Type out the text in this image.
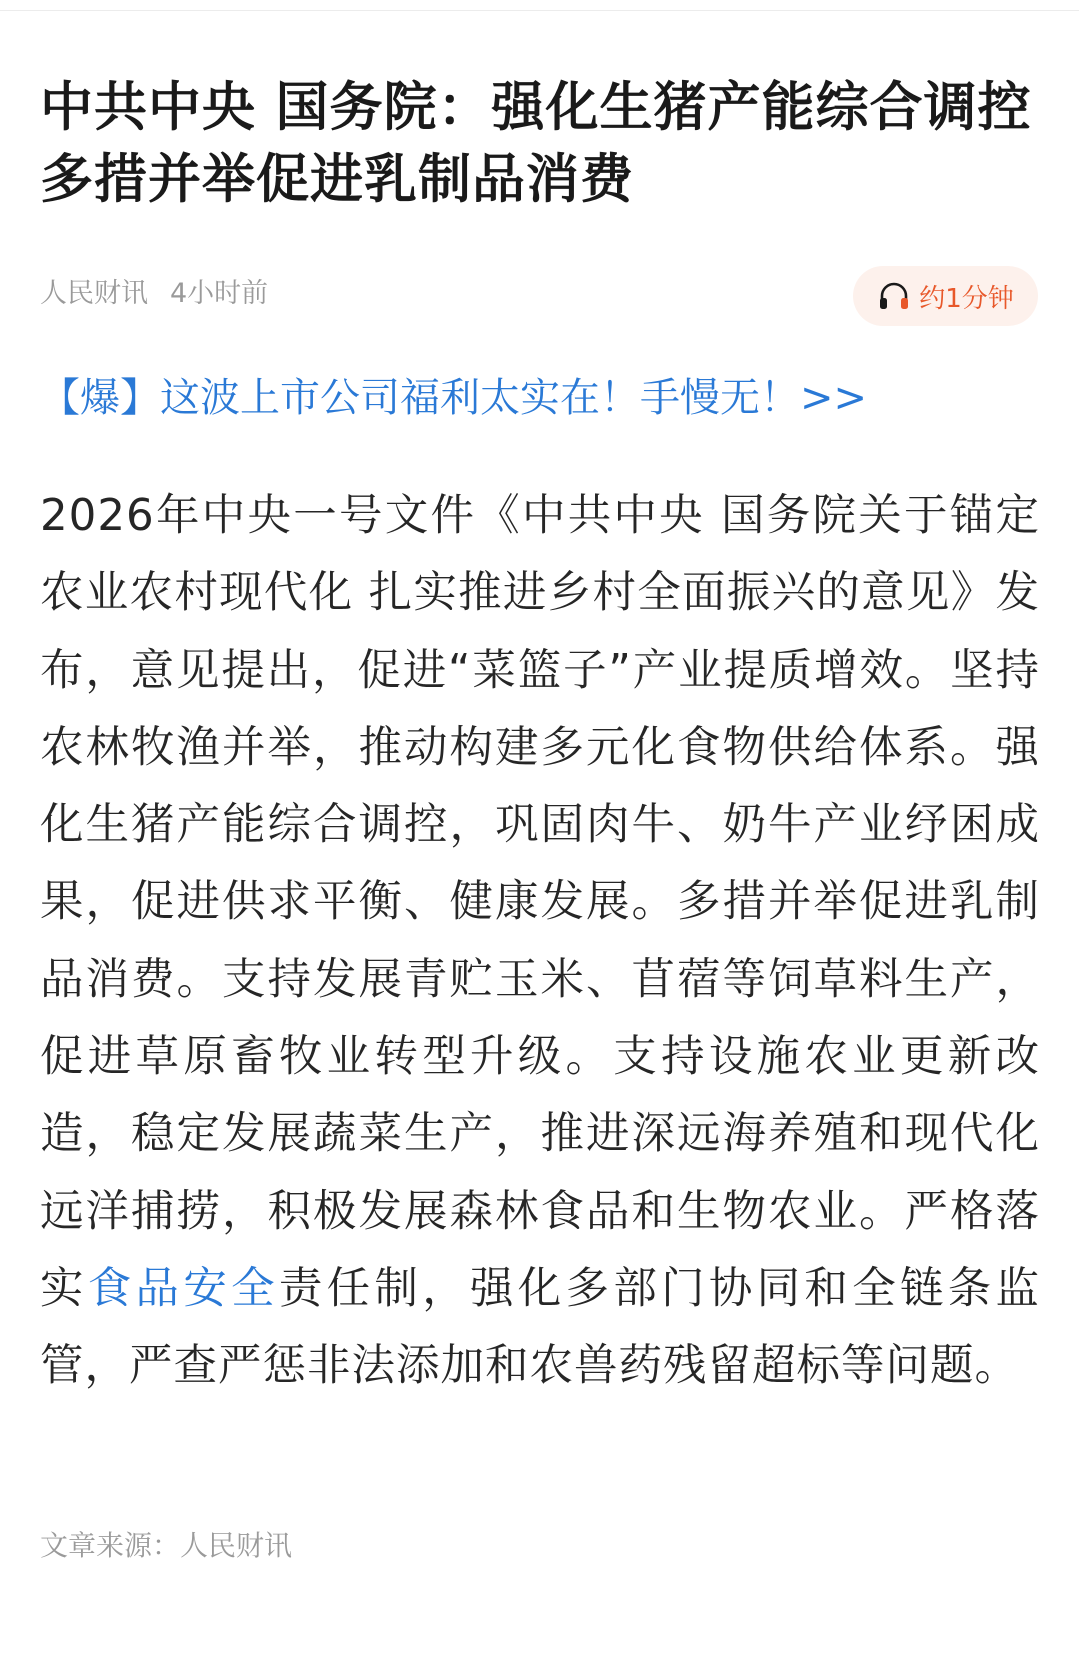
中共中央 国务院：强化生猪产能综合调控 多措并举促进乳制品消费
人民财讯 4小时前	约1分钟
【爆】这波上市公司福利太实在！手慢无！>>

2026年中央一号文件《中共中央 国务院关于锚定农业农村现代化 扎实推进乡村全面振兴的意见》发布，意见提出，促进“菜篮子”产业提质增效。坚持农林牧渔并举，推动构建多元化食物供给体系。强化生猪产能综合调控，巩固肉牛、奶牛产业纾困成果，促进供求平衡、健康发展。多措并举促进乳制品消费。支持发展青贮玉米、苜蓿等饲草料生产，促进草原畜牧业转型升级。支持设施农业更新改造，稳定发展蔬菜生产，推进深远海养殖和现代化远洋捕捞，积极发展森林食品和生物农业。严格落实食品安全责任制，强化多部门协同和全链条监管，严查严惩非法添加和农兽药残留超标等问题。

文章来源：人民财讯
